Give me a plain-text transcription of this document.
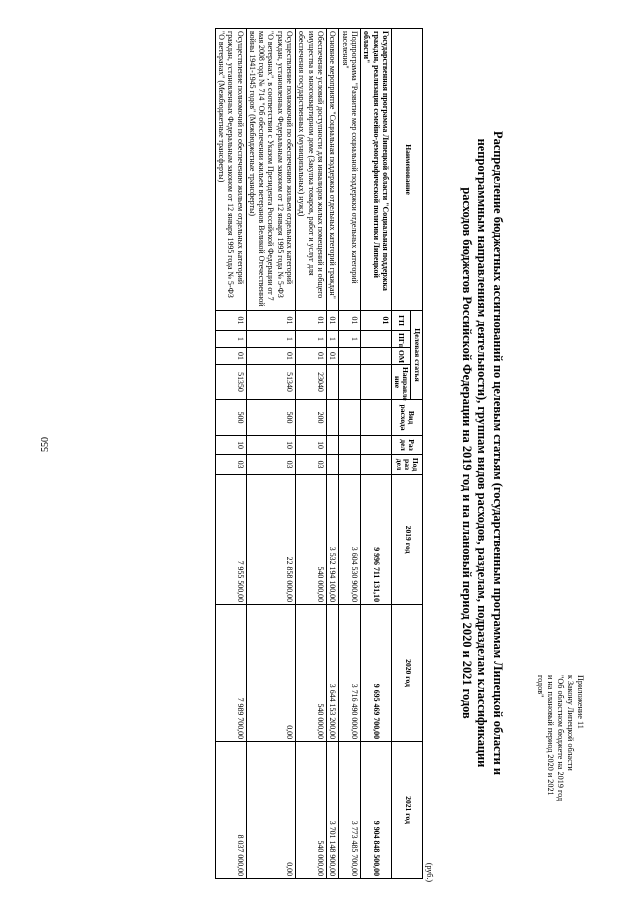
550
Приложение 11
к Закону Липецкой области
"Об областном бюджете на 2019 год
и на плановый период 2020 и 2021
годов"
Распределение бюджетных ассигнований по целевым статьям (государственным программам Липецкой области и
непрограммным направлениям деятельности), группам видов расходов, разделам, подразделам классификации
расходов бюджетов Российской Федерации на 2019 год и на плановый период 2020 и 2021 годов
(руб.)
Наименование	Целевая статья				Вид расхода	Раз дел	Под раз дел	2019 год	2020 год	2021 год
	ГП	ПГп	ОМ	Направле ние						
Государственная программа Липецкой области "Социальная поддержка граждан, реализация семейно-демографической политики Липецкой области"	01							9 996 711 131,10	9 695 469 700,00	9 904 848 500,00
Подпрограмма "Развитие мер социальной поддержки отдельных категорий населения"	01	1						3 604 530 900,00	3 716 490 000,00	3 773 485 700,00
Основное мероприятие "Социальная поддержка отдельных категорий граждан"	01	1	01					3 532 194 100,00	3 644 153 200,00	3 701 148 900,00
Обеспечение условий доступности для инвалидов жилых помещений и общего имущества в многоквартирном доме (Закупка товаров, работ и услуг для обеспечения государственных (муниципальных) нужд)	01	1	01	23040	200	10	03	540 000,00	540 000,00	540 000,00
Осуществление полномочий по обеспечению жильем отдельных категорий граждан, установленных Федеральным законом от 12 января 1995 года № 5-ФЗ "О ветеранах", в соответствии с Указом Президента Российской Федерации от 7 мая 2008 года № 714 "Об обеспечении жильем ветеранов Великой Отечественной войны 1941-1945 годов" (Межбюджетные трансферты)	01	1	01	51340	500	10	03	22 858 000,00	0,00	0,00
Осуществление полномочий по обеспечению жильем отдельных категорий граждан, установленных Федеральным законом от 12 января 1995 года № 5-ФЗ "О ветеранах" (Межбюджетные трансферты)	01	1	01	51350	500	10	03	7 955 500,00	7 989 700,00	8 037 000,00
